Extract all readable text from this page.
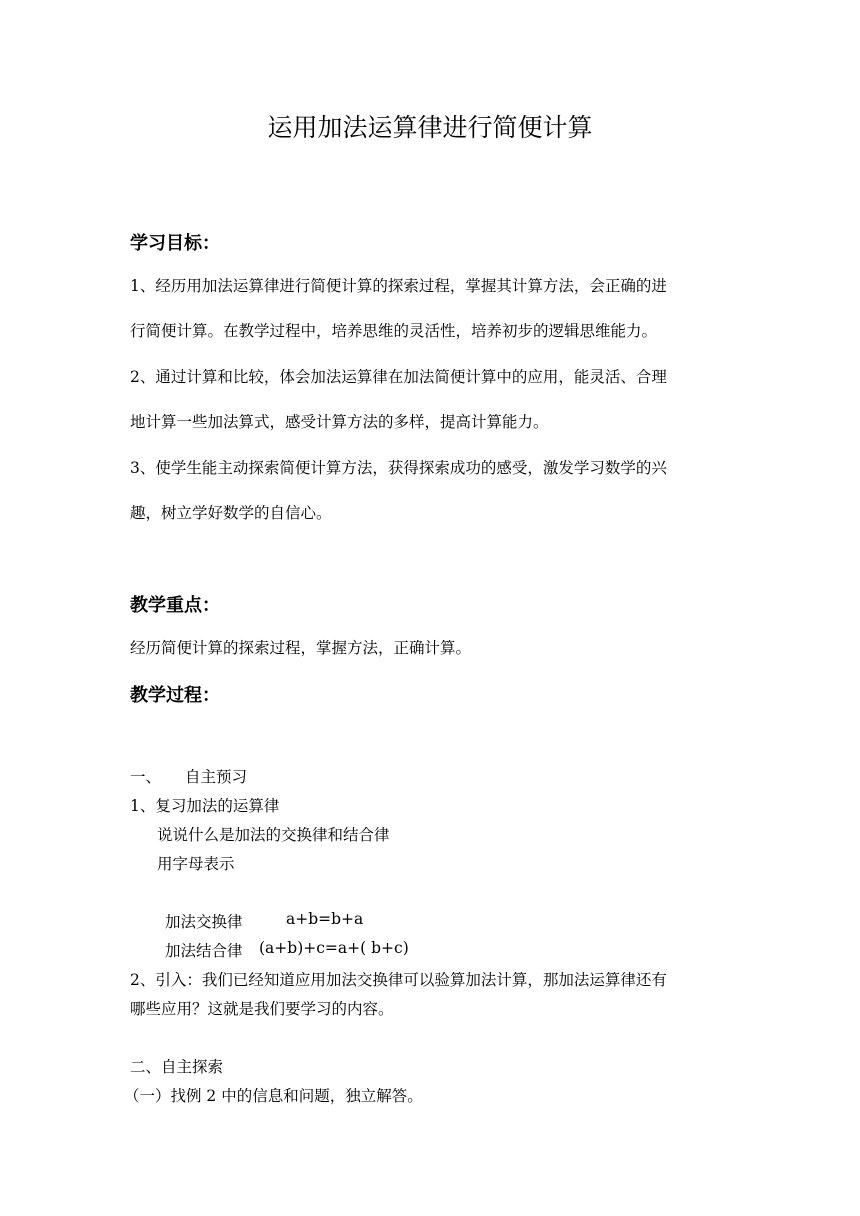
运用加法运算律进行简便计算
学习目标：
1、经历用加法运算律进行简便计算的探索过程，掌握其计算方法，会正确的进
行简便计算。在教学过程中，培养思维的灵活性，培养初步的逻辑思维能力。
2、通过计算和比较，体会加法运算律在加法简便计算中的应用，能灵活、合理
地计算一些加法算式，感受计算方法的多样，提高计算能力。
3、使学生能主动探索简便计算方法，获得探索成功的感受，激发学习数学的兴
趣，树立学好数学的自信心。
教学重点：
经历简便计算的探索过程，掌握方法，正确计算。
教学过程：
一、 自主预习
1、复习加法的运算律
说说什么是加法的交换律和结合律
用字母表示
加法交换律	a+b=b+a
加法结合律 (a+b)+c=a+( b+c)
2、引入：我们已经知道应用加法交换律可以验算加法计算，那加法运算律还有
哪些应用？这就是我们要学习的内容。
二、自主探索
（一）找例 2 中的信息和问题，独立解答。
